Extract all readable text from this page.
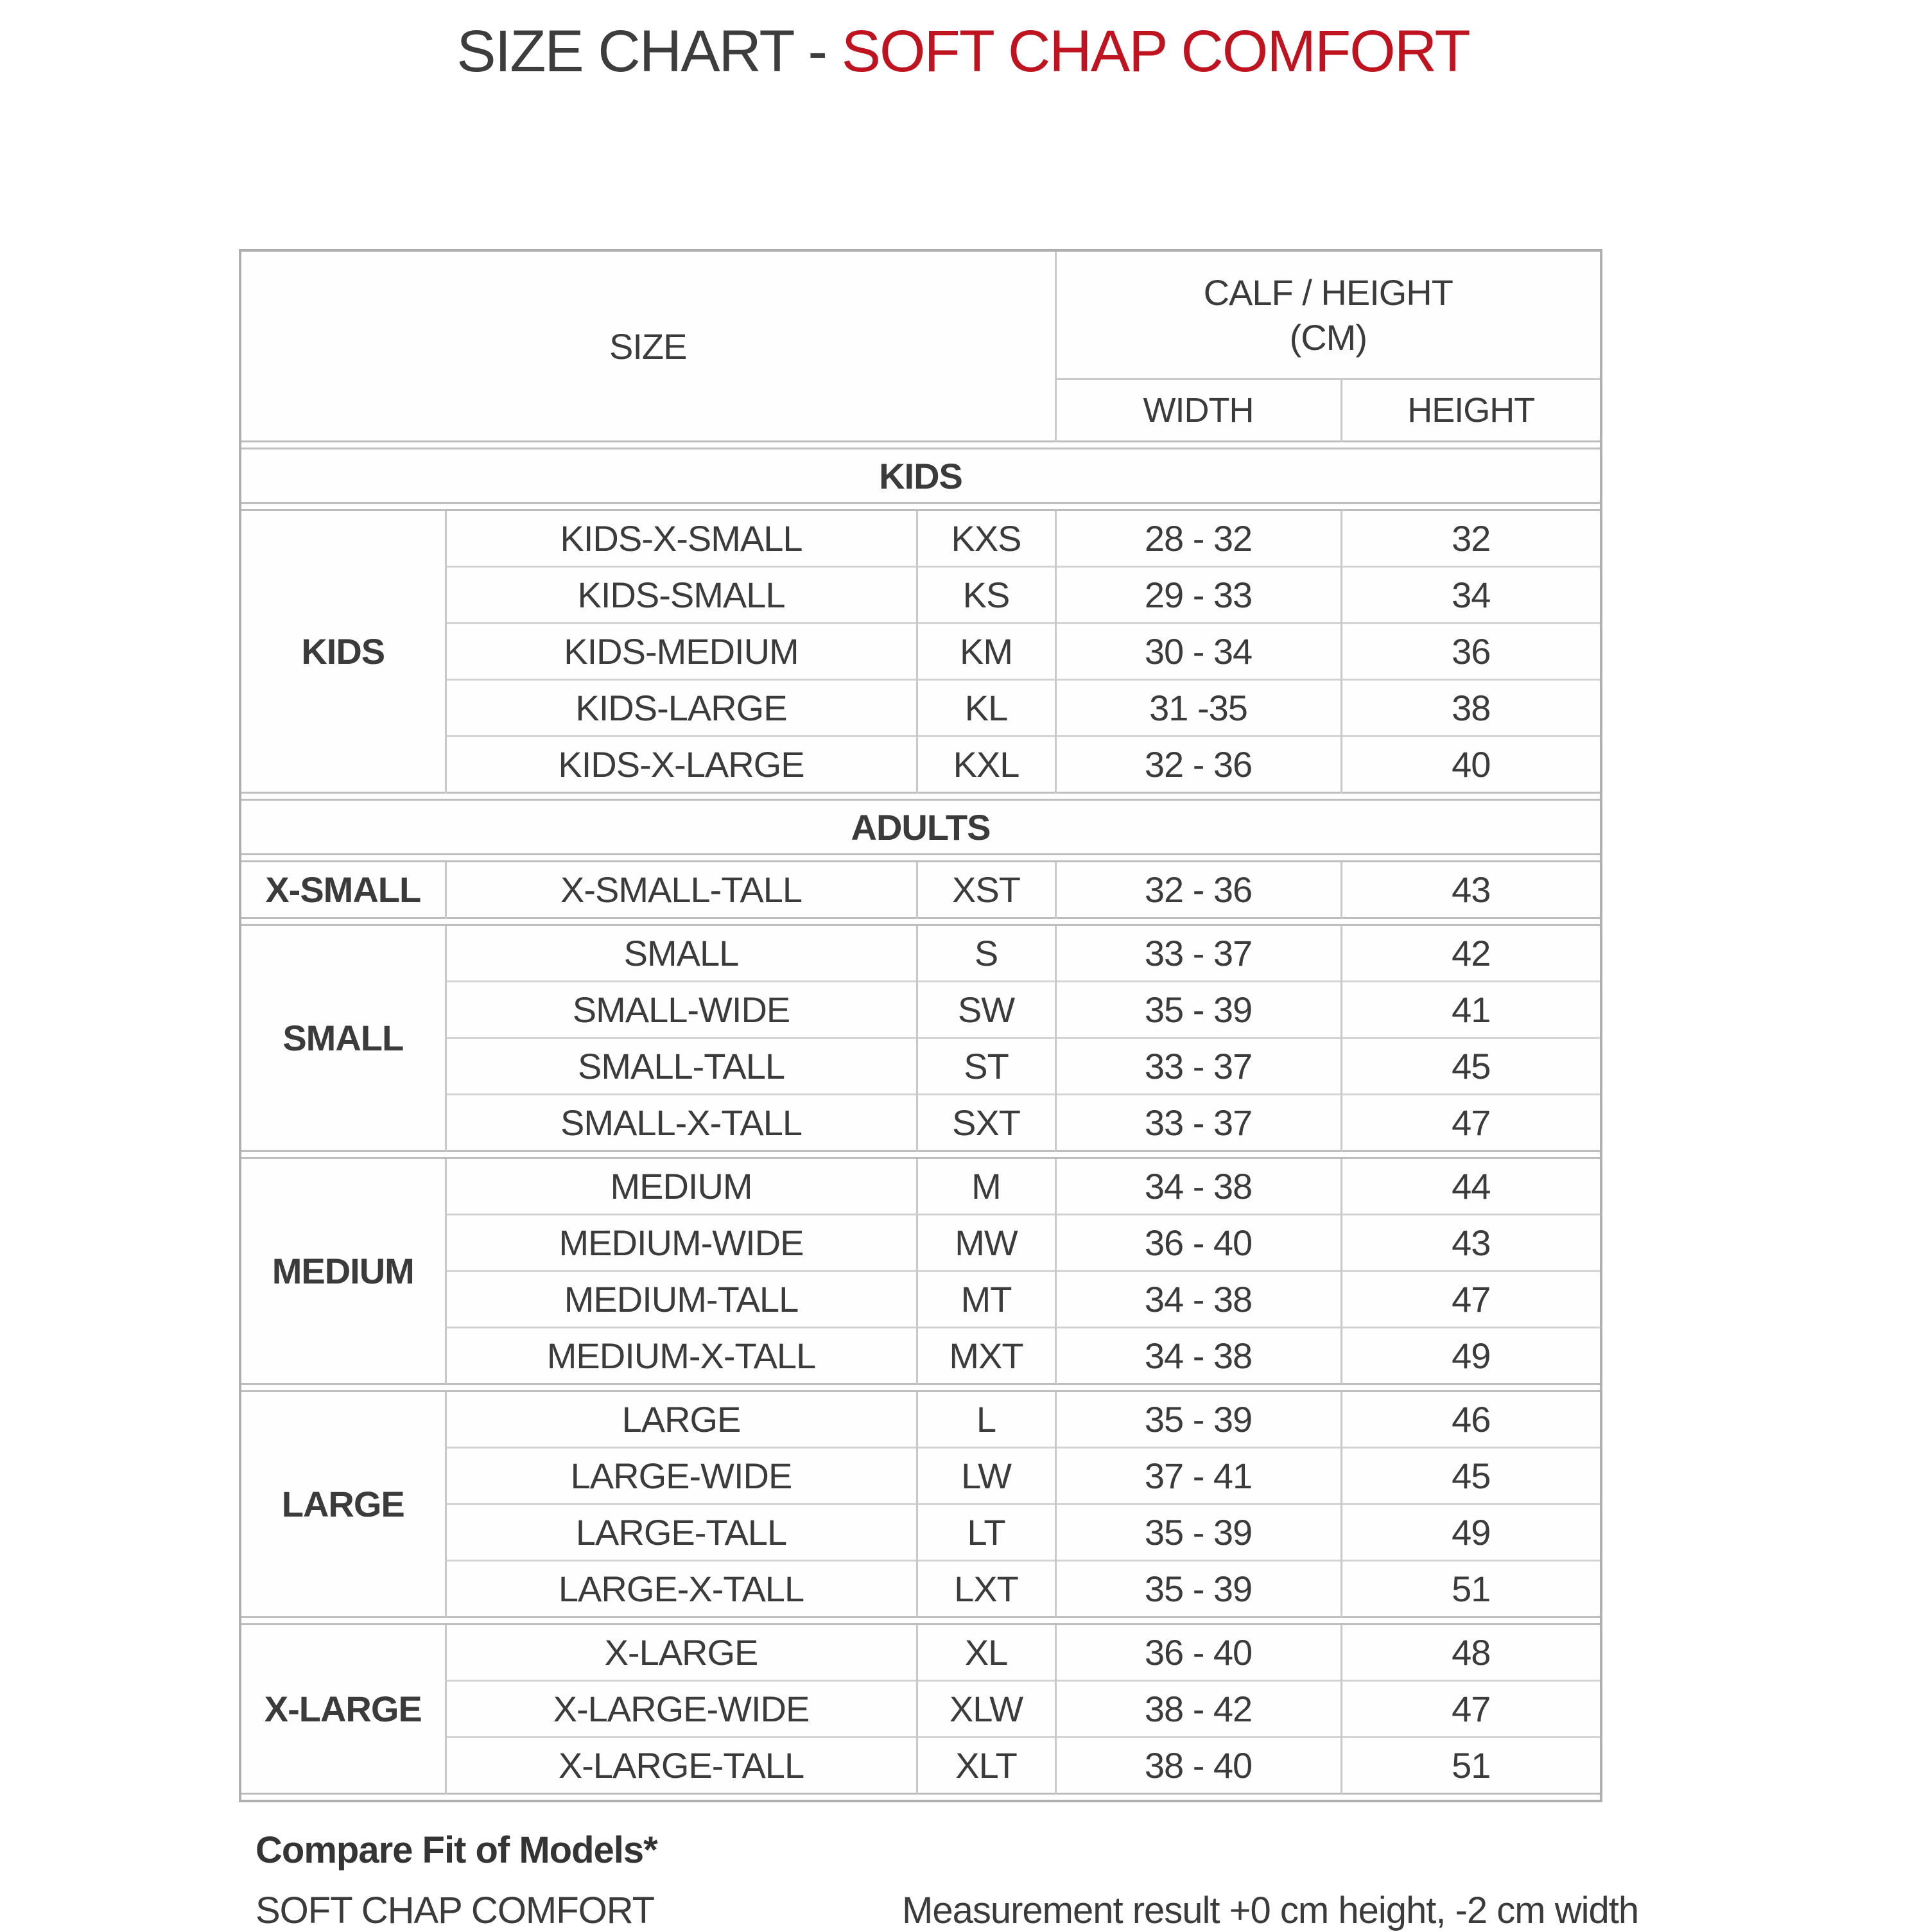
SIZE CHART - SOFT CHAP COMFORT
SIZE			CALF / HEIGHT
(CM)	

			WIDTH	HEIGHT

KIDS				

KIDS	KIDS-X-SMALL	KXS	28 - 32	32
	KIDS-SMALL	KS	29 - 33	34
	KIDS-MEDIUM	KM	30 - 34	36
	KIDS-LARGE	KL	31 -35	38
	KIDS-X-LARGE	KXL	32 - 36	40

ADULTS				

X-SMALL	X-SMALL-TALL	XST	32 - 36	43

SMALL	SMALL	S	33 - 37	42
	SMALL-WIDE	SW	35 - 39	41
	SMALL-TALL	ST	33 - 37	45
	SMALL-X-TALL	SXT	33 - 37	47

MEDIUM	MEDIUM	M	34 - 38	44
	MEDIUM-WIDE	MW	36 - 40	43
	MEDIUM-TALL	MT	34 - 38	47
	MEDIUM-X-TALL	MXT	34 - 38	49

LARGE	LARGE	L	35 - 39	46
	LARGE-WIDE	LW	37 - 41	45
	LARGE-TALL	LT	35 - 39	49
	LARGE-X-TALL	LXT	35 - 39	51

X-LARGE	X-LARGE	XL	36 - 40	48
	X-LARGE-WIDE	XLW	38 - 42	47
	X-LARGE-TALL	XLT	38 - 40	51

Compare Fit of Models*
SOFT CHAP COMFORT	Measurement result +0 cm height, -2 cm width
